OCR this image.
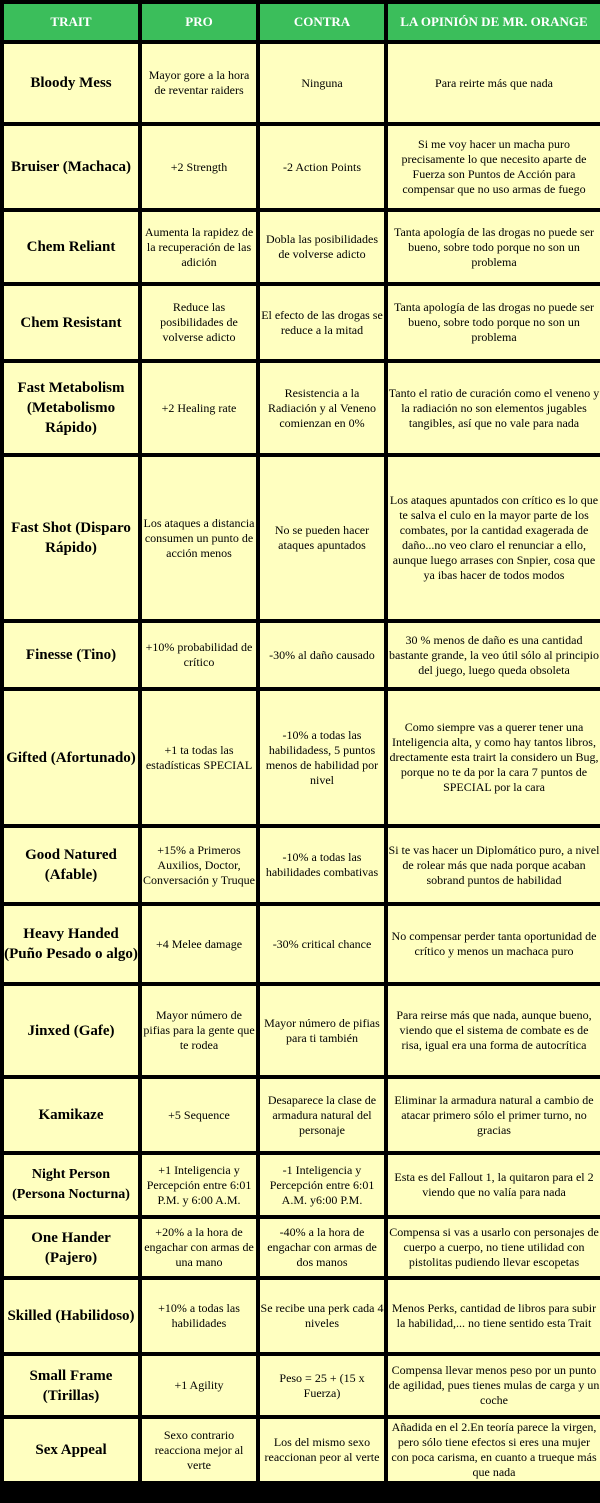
TRAIT	PRO	CONTRA	LA OPINIÓN DE MR. ORANGE
Bloody Mess	Mayor gore a la hora de reventar raiders	Ninguna	Para reirte más que nada
Bruiser (Machaca)	+2 Strength	-2 Action Points	Si me voy hacer un macha puro precisamente lo que necesito aparte de Fuerza son Puntos de Acción para compensar que no uso armas de fuego
Chem Reliant	Aumenta la rapidez de la recuperación de las adición	Dobla las posibilidades de volverse adicto	Tanta apología de las drogas no puede ser bueno, sobre todo porque no son un problema
Chem Resistant	Reduce las posibilidades de volverse adicto	El efecto de las drogas se reduce a la mitad	Tanta apología de las drogas no puede ser bueno, sobre todo porque no son un problema
Fast Metabolism (Metabolismo Rápido)	+2 Healing rate	Resistencia a la Radiación y al Veneno comienzan en 0%	Tanto el ratio de curación como el veneno y la radiación no son elementos jugables tangibles, así que no vale para nada
Fast Shot (Disparo Rápido)	Los ataques a distancia consumen un punto de acción menos	No se pueden hacer ataques apuntados	Los ataques apuntados con crítico es lo que te salva el culo en la mayor parte de los combates, por la cantidad exagerada de daño...no veo claro el renunciar a ello, aunque luego arrases con Snpier, cosa que ya ibas hacer de todos modos
Finesse (Tino)	+10% probabilidad de crítico	-30% al daño causado	30 % menos de daño es una cantidad bastante grande, la veo útil sólo al principio del juego, luego queda obsoleta
Gifted (Afortunado)	+1 ta todas las estadísticas SPECIAL	-10% a todas las habilidadess, 5 puntos menos de habilidad por nivel	Como siempre vas a querer tener una Inteligencia alta, y como hay tantos libros, drectamente esta trairt la considero un Bug, porque no te da por la cara 7 puntos de SPECIAL por la cara
Good Natured (Afable)	+15% a Primeros Auxilios, Doctor, Conversación y Truque	-10% a todas las habilidades combativas	Si te vas hacer un Diplomático puro, a nivel de rolear más que nada porque acaban sobrand puntos de habilidad
Heavy Handed (Puño Pesado o algo)	+4 Melee damage	-30% critical chance	No compensar perder tanta oportunidad de crítico y menos un machaca puro
Jinxed (Gafe)	Mayor número de pifias para la gente que te rodea	Mayor número de pifias para ti también	Para reirse más que nada, aunque bueno, viendo que el sistema de combate es de risa, igual era una forma de autocrítica
Kamikaze	+5 Sequence	Desaparece la clase de armadura natural del personaje	Eliminar la armadura natural a cambio de atacar primero sólo el primer turno, no gracias
Night Person (Persona Nocturna)	+1 Inteligencia y Percepción entre 6:01 P.M. y 6:00 A.M.	-1 Inteligencia y Percepción entre 6:01 A.M. y6:00 P.M.	Esta es del Fallout 1, la quitaron para el 2 viendo que no valía para nada
One Hander (Pajero)	+20% a la hora de engachar con armas de una mano	-40% a la hora de engachar con armas de dos manos	Compensa si vas a usarlo con personajes de cuerpo a cuerpo, no tiene utilidad con pistolitas pudiendo llevar escopetas
Skilled (Habilidoso)	+10% a todas las habilidades	Se recibe una perk cada 4 niveles	Menos Perks, cantidad de libros para subir la habilidad,... no tiene sentido esta Trait
Small Frame (Tirillas)	+1 Agility	Peso = 25 + (15 x Fuerza)	Compensa llevar menos peso por un punto de agilidad, pues tienes mulas de carga y un coche
Sex Appeal	Sexo contrario reacciona mejor al verte	Los del mismo sexo reaccionan peor al verte	Añadida en el 2.En teoría parece la virgen, pero sólo tiene efectos si eres una mujer con poca carisma, en cuanto a trueque más que nada
